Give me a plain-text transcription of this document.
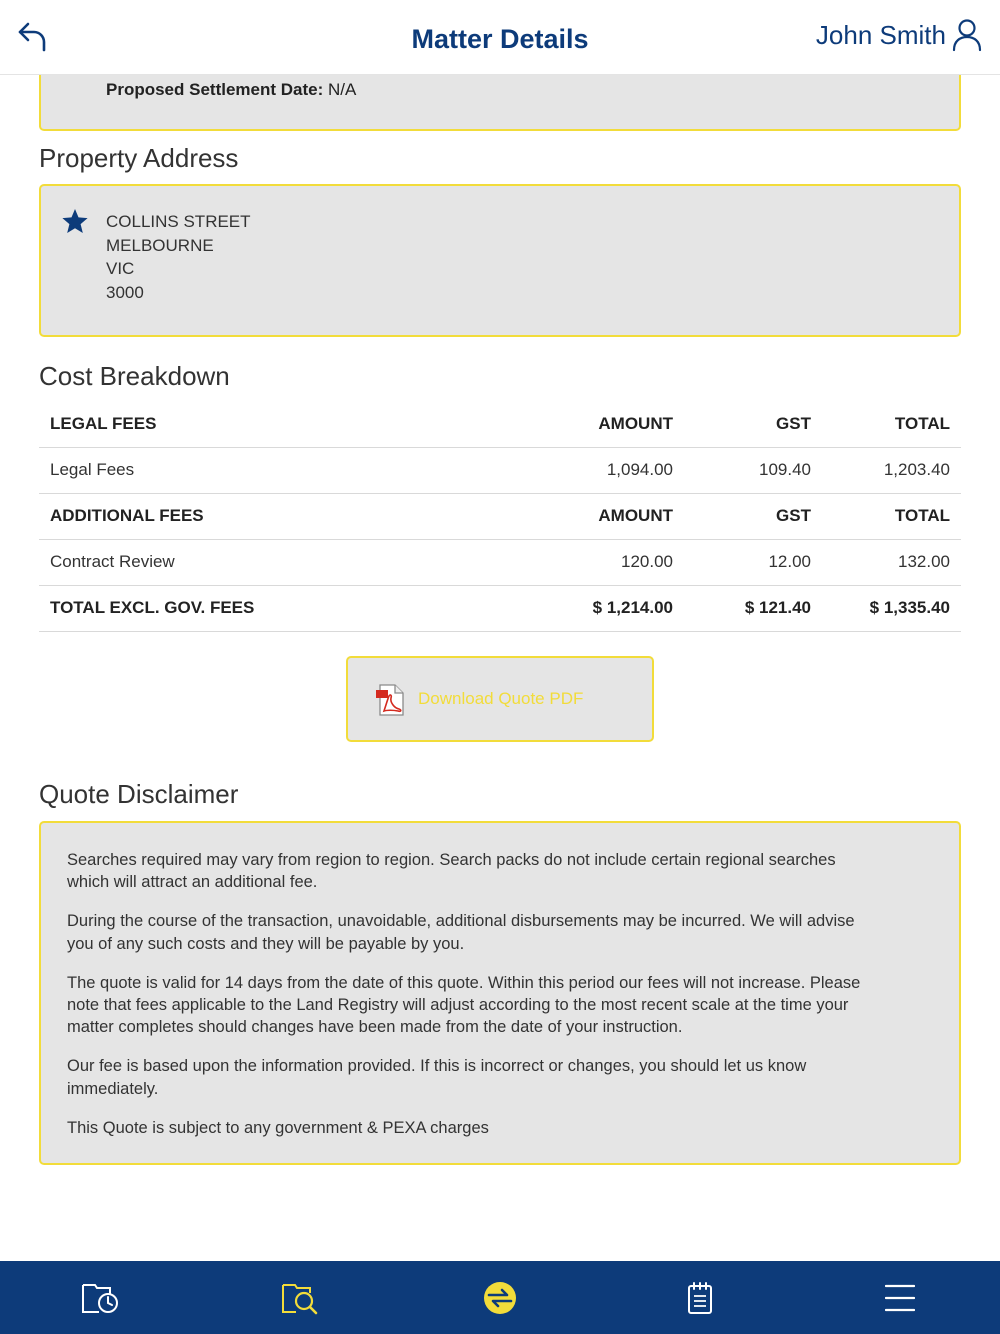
Matter Details	John Smith
Proposed Settlement Date: N/A
Property Address
COLLINS STREET
MELBOURNE
VIC
3000
Cost Breakdown
LEGAL FEES	AMOUNT	GST	TOTAL
Legal Fees	1,094.00	109.40	1,203.40
ADDITIONAL FEES	AMOUNT	GST	TOTAL
Contract Review	120.00	12.00	132.00
TOTAL EXCL. GOV. FEES	$ 1,214.00	$ 121.40	$ 1,335.40
Download Quote PDF
Quote Disclaimer

Searches required may vary from region to region. Search packs do not include certain regional searches which will attract an additional fee.

During the course of the transaction, unavoidable, additional disbursements may be incurred. We will advise you of any such costs and they will be payable by you.

The quote is valid for 14 days from the date of this quote. Within this period our fees will not increase. Please note that fees applicable to the Land Registry will adjust according to the most recent scale at the time your matter completes should changes have been made from the date of your instruction.

Our fee is based upon the information provided. If this is incorrect or changes, you should let us know immediately.

This Quote is subject to any government & PEXA charges
